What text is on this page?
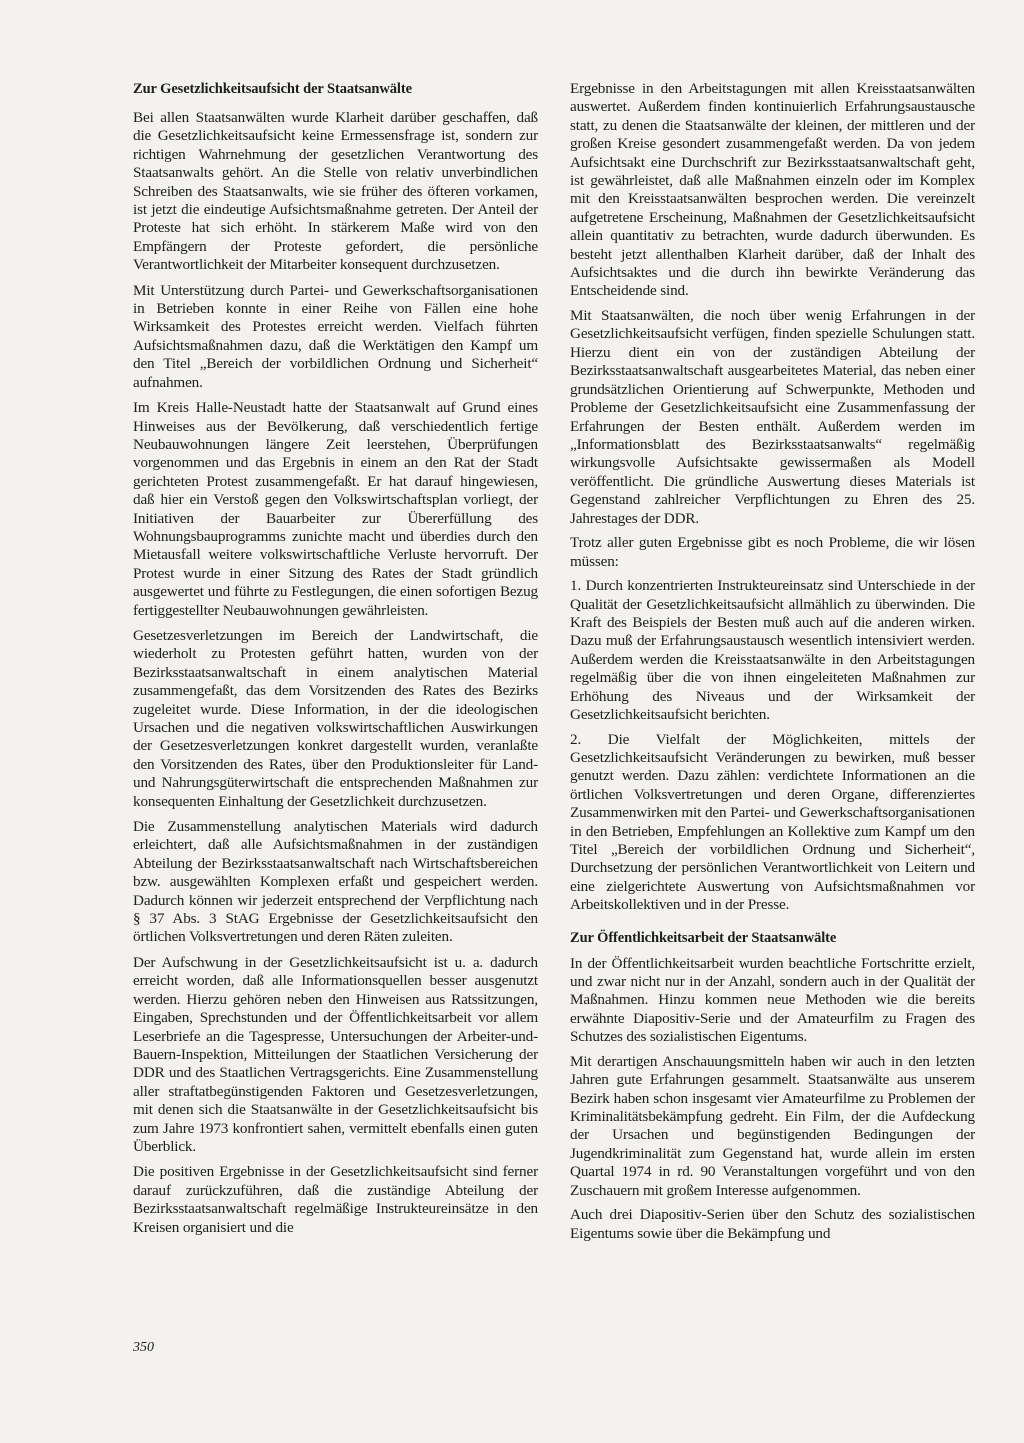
Zur Gesetzlichkeitsaufsicht der Staatsanwälte

Bei allen Staatsanwälten wurde Klarheit darüber geschaffen, daß die Gesetzlichkeitsaufsicht keine Ermessensfrage ist, sondern zur richtigen Wahrnehmung der gesetzlichen Verantwortung des Staatsanwalts gehört. An die Stelle von relativ unverbindlichen Schreiben des Staatsanwalts, wie sie früher des öfteren vorkamen, ist jetzt die eindeutige Aufsichtsmaßnahme getreten. Der Anteil der Proteste hat sich erhöht. In stärkerem Maße wird von den Empfängern der Proteste gefordert, die persönliche Verantwortlichkeit der Mitarbeiter konsequent durchzusetzen.

Mit Unterstützung durch Partei- und Gewerkschaftsorganisationen in Betrieben konnte in einer Reihe von Fällen eine hohe Wirksamkeit des Protestes erreicht werden. Vielfach führten Aufsichtsmaßnahmen dazu, daß die Werktätigen den Kampf um den Titel „Bereich der vorbildlichen Ordnung und Sicherheit“ aufnahmen.

Im Kreis Halle-Neustadt hatte der Staatsanwalt auf Grund eines Hinweises aus der Bevölkerung, daß verschiedentlich fertige Neubauwohnungen längere Zeit leerstehen, Überprüfungen vorgenommen und das Ergebnis in einem an den Rat der Stadt gerichteten Protest zusammengefaßt. Er hat darauf hingewiesen, daß hier ein Verstoß gegen den Volkswirtschaftsplan vorliegt, der Initiativen der Bauarbeiter zur Übererfüllung des Wohnungsbauprogramms zunichte macht und überdies durch den Mietausfall weitere volkswirtschaftliche Verluste hervorruft. Der Protest wurde in einer Sitzung des Rates der Stadt gründlich ausgewertet und führte zu Festlegungen, die einen sofortigen Bezug fertiggestellter Neubauwohnungen gewährleisten.

Gesetzesverletzungen im Bereich der Landwirtschaft, die wiederholt zu Protesten geführt hatten, wurden von der Bezirksstaatsanwaltschaft in einem analytischen Material zusammengefaßt, das dem Vorsitzenden des Rates des Bezirks zugeleitet wurde. Diese Information, in der die ideologischen Ursachen und die negativen volkswirtschaftlichen Auswirkungen der Gesetzesverletzungen konkret dargestellt wurden, veranlaßte den Vorsitzenden des Rates, über den Produktionsleiter für Land- und Nahrungsgüterwirtschaft die entsprechenden Maßnahmen zur konsequenten Einhaltung der Gesetzlichkeit durchzusetzen.

Die Zusammenstellung analytischen Materials wird dadurch erleichtert, daß alle Aufsichtsmaßnahmen in der zuständigen Abteilung der Bezirksstaatsanwaltschaft nach Wirtschaftsbereichen bzw. ausgewählten Komplexen erfaßt und gespeichert werden. Dadurch können wir jederzeit entsprechend der Verpflichtung nach § 37 Abs. 3 StAG Ergebnisse der Gesetzlichkeitsaufsicht den örtlichen Volksvertretungen und deren Räten zuleiten.

Der Aufschwung in der Gesetzlichkeitsaufsicht ist u. a. dadurch erreicht worden, daß alle Informationsquellen besser ausgenutzt werden. Hierzu gehören neben den Hinweisen aus Ratssitzungen, Eingaben, Sprechstunden und der Öffentlichkeitsarbeit vor allem Leserbriefe an die Tagespresse, Untersuchungen der Arbeiter-und-Bauern-Inspektion, Mitteilungen der Staatlichen Versicherung der DDR und des Staatlichen Vertragsgerichts. Eine Zusammenstellung aller straftatbegünstigenden Faktoren und Gesetzesverletzungen, mit denen sich die Staatsanwälte in der Gesetzlichkeitsaufsicht bis zum Jahre 1973 konfrontiert sahen, vermittelt ebenfalls einen guten Überblick.

Die positiven Ergebnisse in der Gesetzlichkeitsaufsicht sind ferner darauf zurückzuführen, daß die zuständige Abteilung der Bezirksstaatsanwaltschaft regelmäßige Instrukteureinsätze in den Kreisen organisiert und die

Ergebnisse in den Arbeitstagungen mit allen Kreisstaatsanwälten auswertet. Außerdem finden kontinuierlich Erfahrungsaustausche statt, zu denen die Staatsanwälte der kleinen, der mittleren und der großen Kreise gesondert zusammengefaßt werden. Da von jedem Aufsichtsakt eine Durchschrift zur Bezirksstaatsanwaltschaft geht, ist gewährleistet, daß alle Maßnahmen einzeln oder im Komplex mit den Kreisstaatsanwälten besprochen werden. Die vereinzelt aufgetretene Erscheinung, Maßnahmen der Gesetzlichkeitsaufsicht allein quantitativ zu betrachten, wurde dadurch überwunden. Es besteht jetzt allenthalben Klarheit darüber, daß der Inhalt des Aufsichtsaktes und die durch ihn bewirkte Veränderung das Entscheidende sind.

Mit Staatsanwälten, die noch über wenig Erfahrungen in der Gesetzlichkeitsaufsicht verfügen, finden spezielle Schulungen statt. Hierzu dient ein von der zuständigen Abteilung der Bezirksstaatsanwaltschaft ausgearbeitetes Material, das neben einer grundsätzlichen Orientierung auf Schwerpunkte, Methoden und Probleme der Gesetzlichkeitsaufsicht eine Zusammenfassung der Erfahrungen der Besten enthält. Außerdem werden im „Informationsblatt des Bezirksstaatsanwalts“ regelmäßig wirkungsvolle Aufsichtsakte gewissermaßen als Modell veröffentlicht. Die gründliche Auswertung dieses Materials ist Gegenstand zahlreicher Verpflichtungen zu Ehren des 25. Jahrestages der DDR.

Trotz aller guten Ergebnisse gibt es noch Probleme, die wir lösen müssen:

1. Durch konzentrierten Instrukteureinsatz sind Unterschiede in der Qualität der Gesetzlichkeitsaufsicht allmählich zu überwinden. Die Kraft des Beispiels der Besten muß auch auf die anderen wirken. Dazu muß der Erfahrungsaustausch wesentlich intensiviert werden. Außerdem werden die Kreisstaatsanwälte in den Arbeitstagungen regelmäßig über die von ihnen eingeleiteten Maßnahmen zur Erhöhung des Niveaus und der Wirksamkeit der Gesetzlichkeitsaufsicht berichten.

2. Die Vielfalt der Möglichkeiten, mittels der Gesetzlichkeitsaufsicht Veränderungen zu bewirken, muß besser genutzt werden. Dazu zählen: verdichtete Informationen an die örtlichen Volksvertretungen und deren Organe, differenziertes Zusammenwirken mit den Partei- und Gewerkschaftsorganisationen in den Betrieben, Empfehlungen an Kollektive zum Kampf um den Titel „Bereich der vorbildlichen Ordnung und Sicherheit“, Durchsetzung der persönlichen Verantwortlichkeit von Leitern und eine zielgerichtete Auswertung von Aufsichtsmaßnahmen vor Arbeitskollektiven und in der Presse.

Zur Öffentlichkeitsarbeit der Staatsanwälte

In der Öffentlichkeitsarbeit wurden beachtliche Fortschritte erzielt, und zwar nicht nur in der Anzahl, sondern auch in der Qualität der Maßnahmen. Hinzu kommen neue Methoden wie die bereits erwähnte Diapositiv-Serie und der Amateurfilm zu Fragen des Schutzes des sozialistischen Eigentums.

Mit derartigen Anschauungsmitteln haben wir auch in den letzten Jahren gute Erfahrungen gesammelt. Staatsanwälte aus unserem Bezirk haben schon insgesamt vier Amateurfilme zu Problemen der Kriminalitätsbekämpfung gedreht. Ein Film, der die Aufdeckung der Ursachen und begünstigenden Bedingungen der Jugendkriminalität zum Gegenstand hat, wurde allein im ersten Quartal 1974 in rd. 90 Veranstaltungen vorgeführt und von den Zuschauern mit großem Interesse aufgenommen.

Auch drei Diapositiv-Serien über den Schutz des sozialistischen Eigentums sowie über die Bekämpfung und

350
